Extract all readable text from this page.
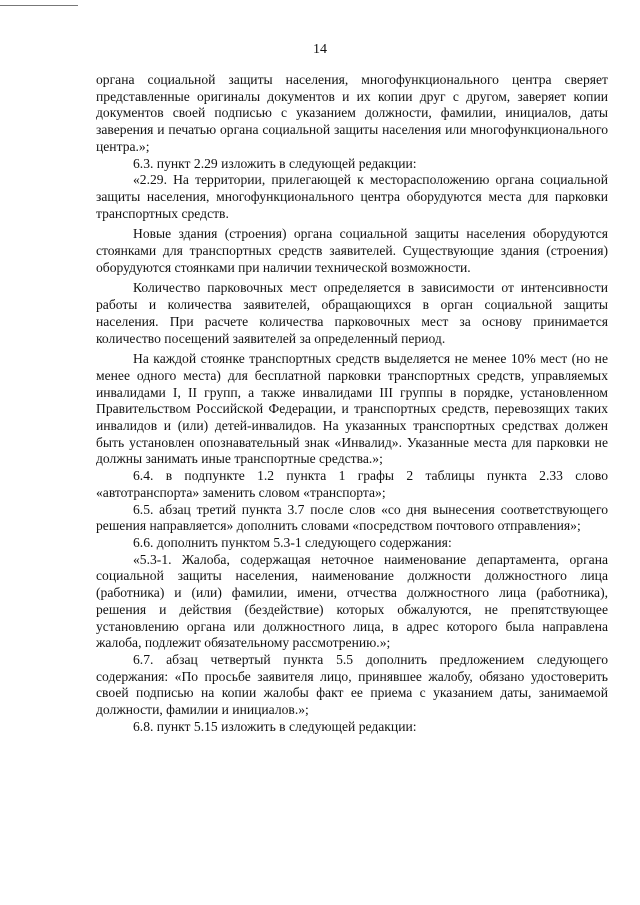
14

органа социальной защиты населения, многофункционального центра сверяет представленные оригиналы документов и их копии друг с другом, заверяет копии документов своей подписью с указанием должности, фамилии, инициалов, даты заверения и печатью органа социальной защиты населения или многофункционального центра.»;

6.3. пункт 2.29 изложить в следующей редакции:

«2.29. На территории, прилегающей к месторасположению органа социальной защиты населения, многофункционального центра оборудуются места для парковки транспортных средств.

Новые здания (строения) органа социальной защиты населения оборудуются стоянками для транспортных средств заявителей. Существующие здания (строения) оборудуются стоянками при наличии технической возможности.

Количество парковочных мест определяется в зависимости от интенсивности работы и количества заявителей, обращающихся в орган социальной защиты населения. При расчете количества парковочных мест за основу принимается количество посещений заявителей за определенный период.

На каждой стоянке транспортных средств выделяется не менее 10% мест (но не менее одного места) для бесплатной парковки транспортных средств, управляемых инвалидами I, II групп, а также инвалидами III группы в порядке, установленном Правительством Российской Федерации, и транспортных средств, перевозящих таких инвалидов и (или) детей-инвалидов. На указанных транспортных средствах должен быть установлен опознавательный знак «Инвалид». Указанные места для парковки не должны занимать иные транспортные средства.»;

6.4. в подпункте 1.2 пункта 1 графы 2 таблицы пункта 2.33 слово «автотранспорта» заменить словом «транспорта»;

6.5. абзац третий пункта 3.7 после слов «со дня вынесения соответствующего решения направляется» дополнить словами «посредством почтового отправления»;

6.6. дополнить пунктом 5.3-1 следующего содержания:

«5.3-1. Жалоба, содержащая неточное наименование департамента, органа социальной защиты населения, наименование должности должностного лица (работника) и (или) фамилии, имени, отчества должностного лица (работника), решения и действия (бездействие) которых обжалуются, не препятствующее установлению органа или должностного лица, в адрес которого была направлена жалоба, подлежит обязательному рассмотрению.»;

6.7. абзац четвертый пункта 5.5 дополнить предложением следующего содержания: «По просьбе заявителя лицо, принявшее жалобу, обязано удостоверить своей подписью на копии жалобы факт ее приема с указанием даты, занимаемой должности, фамилии и инициалов.»;

6.8. пункт 5.15 изложить в следующей редакции:
